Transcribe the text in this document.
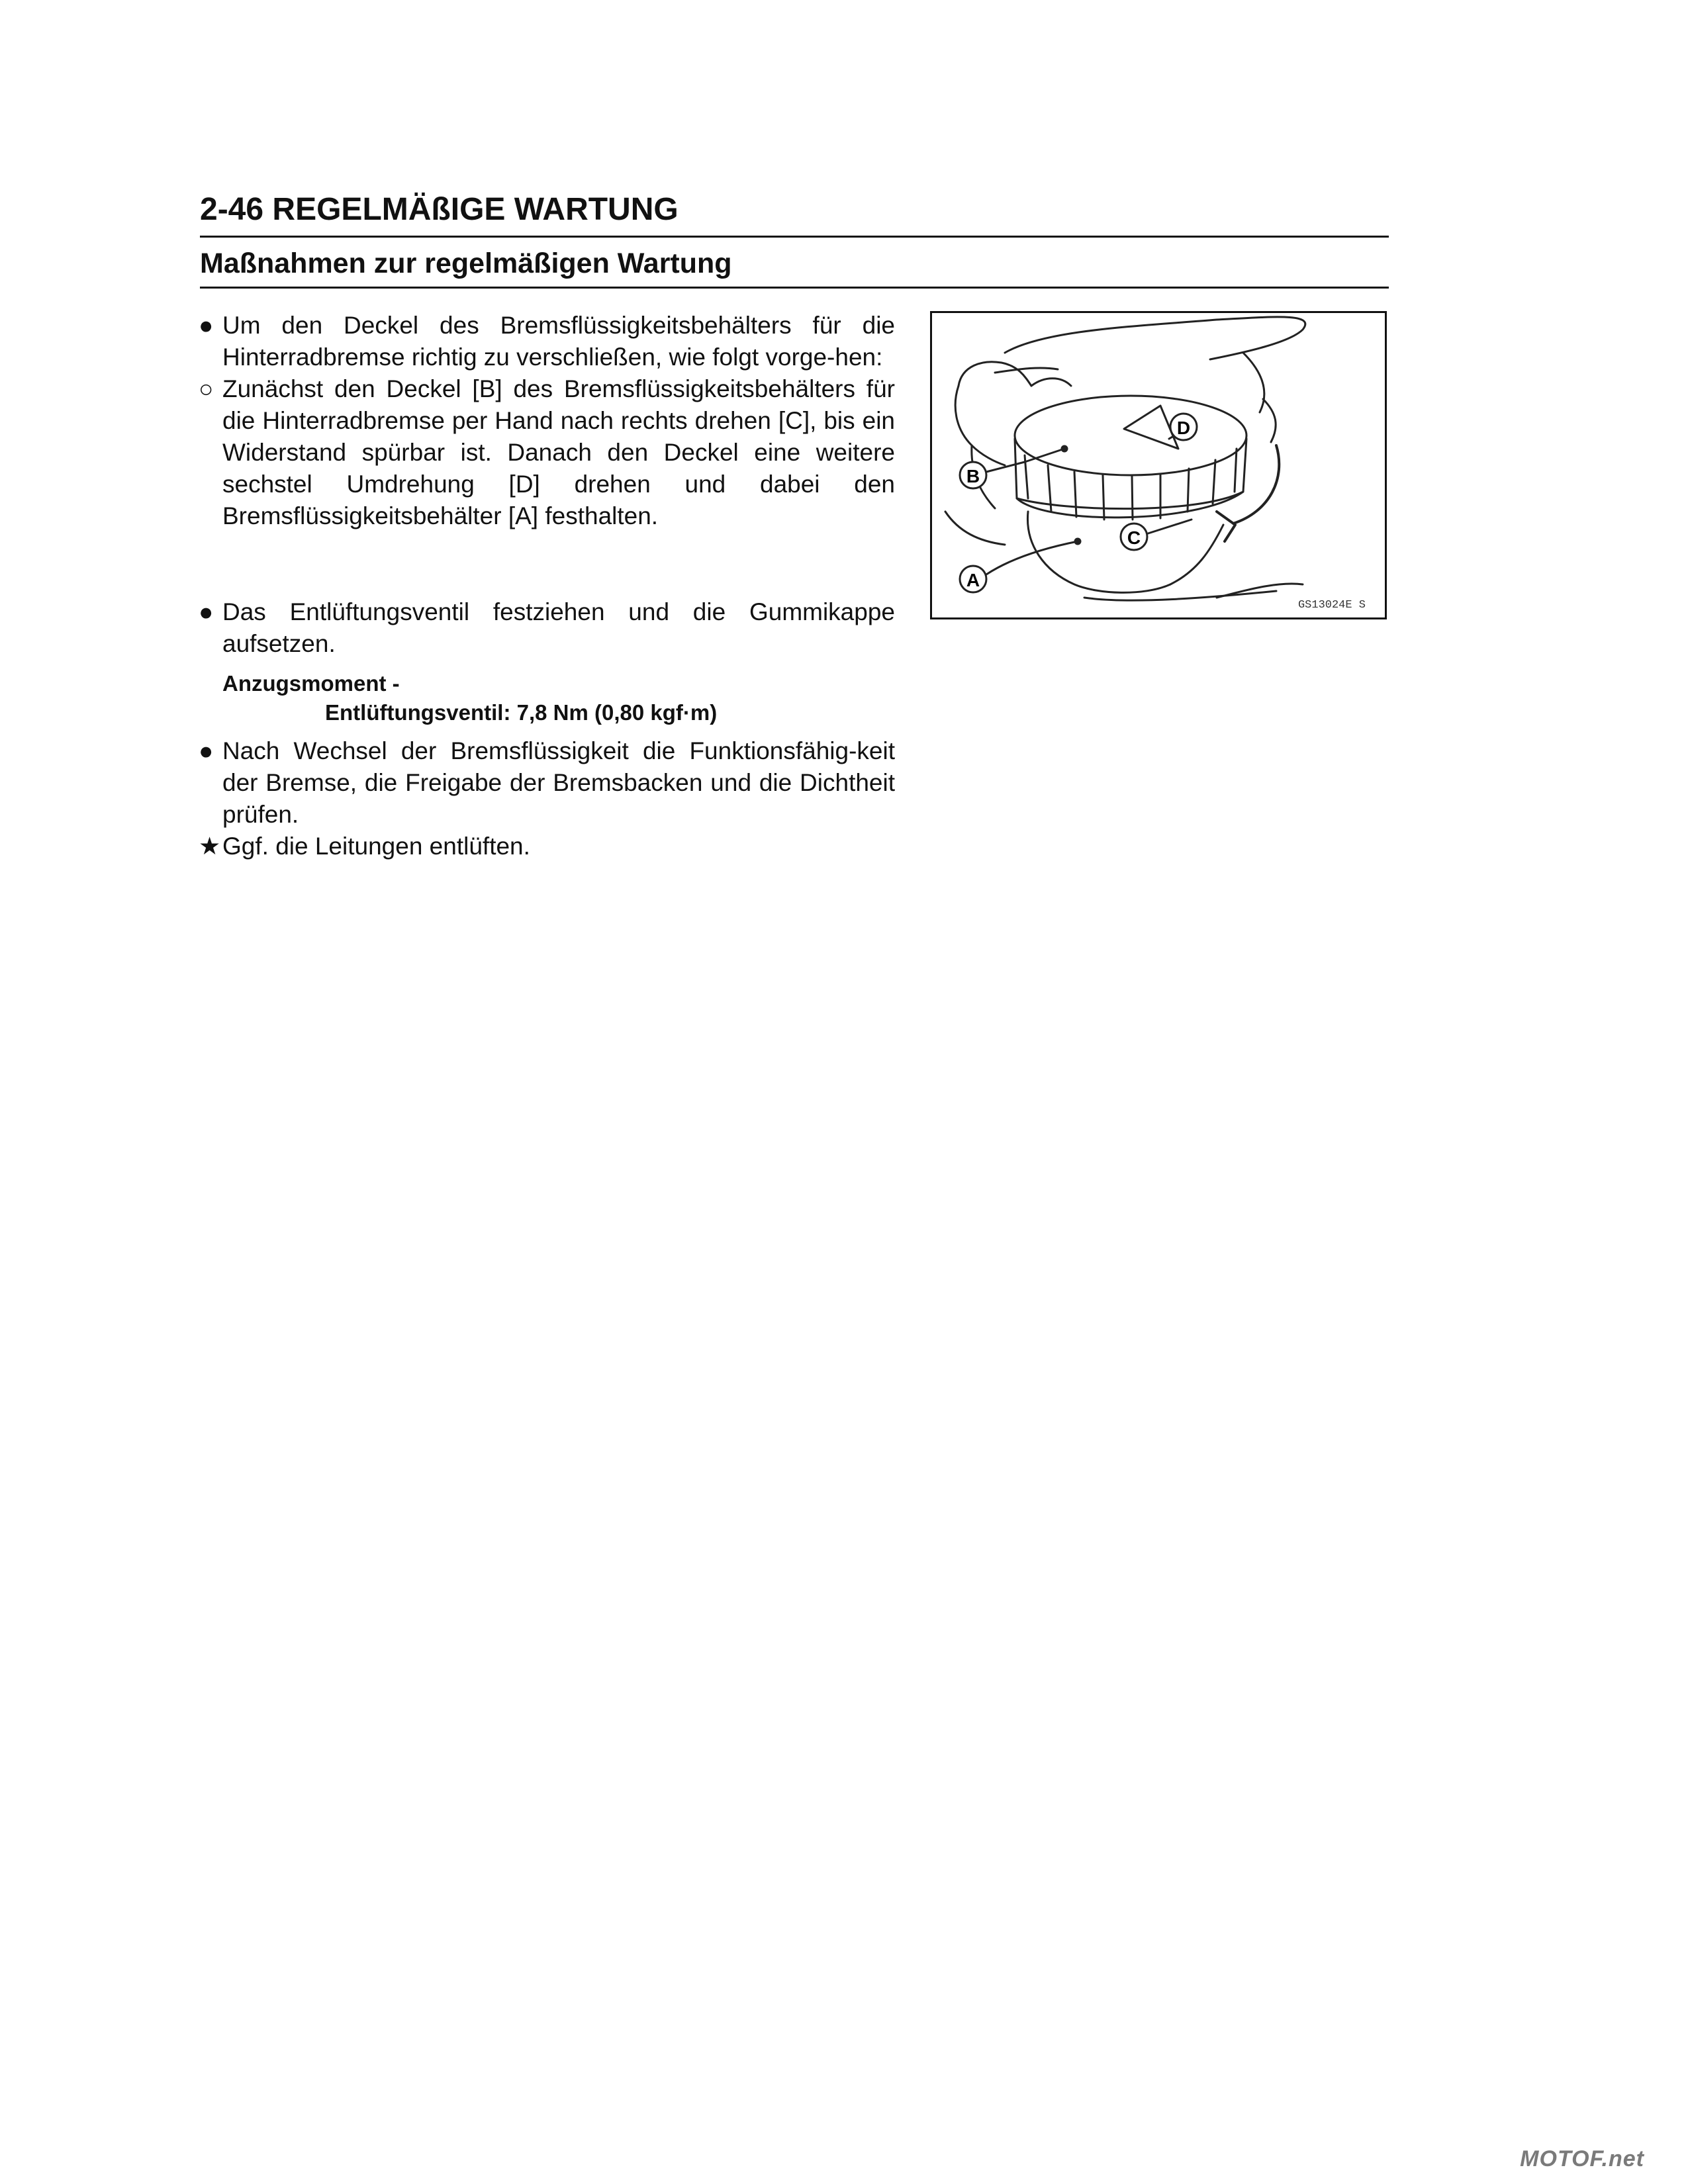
2-46 REGELMÄßIGE WARTUNG
Maßnahmen zur regelmäßigen Wartung
● Um den Deckel des Bremsflüssigkeitsbehälters für die Hinterradbremse richtig zu verschließen, wie folgt vorge-hen:
○ Zunächst den Deckel [B] des Bremsflüssigkeitsbehälters für die Hinterradbremse per Hand nach rechts drehen [C], bis ein Widerstand spürbar ist. Danach den Deckel eine weitere sechstel Umdrehung [D] drehen und dabei den Bremsflüssigkeitsbehälter [A] festhalten.
● Das Entlüftungsventil festziehen und die Gummikappe aufsetzen.
Anzugsmoment -
Entlüftungsventil: 7,8 Nm (0,80 kgf·m)
● Nach Wechsel der Bremsflüssigkeit die Funktionsfähig-keit der Bremse, die Freigabe der Bremsbacken und die Dichtheit prüfen.
★ Ggf. die Leitungen entlüften.
B
A
C
D
GS13024E S
MOTOF.net
